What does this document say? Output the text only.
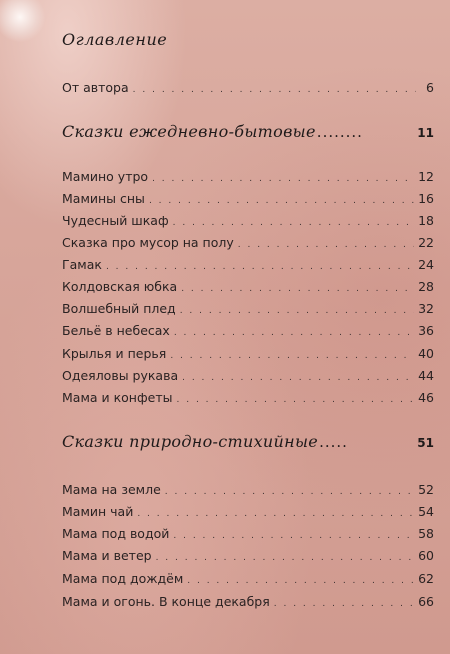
Оглавление
От автора . . .	6
Сказки ежедневно-бытовые ........	11
Мамино утро . . .	12
Мамины сны . . .	16
Чудесный шкаф . . .	18
Сказка про мусор на полу . . .	22
Гамак . . .	24
Колдовская юбка . . .	28
Волшебный плед . . .	32
Бельё в небесах . . .	36
Крылья и перья . . .	40
Одеяловы рукава . . .	44
Мама и конфеты . . .	46
Сказки природно-стихийные .....	51
Мама на земле . . .	52
Мамин чай . . .	54
Мама под водой . . .	58
Мама и ветер . . .	60
Мама под дождём . . .	62
Мама и огонь. В конце декабря . . .	66
